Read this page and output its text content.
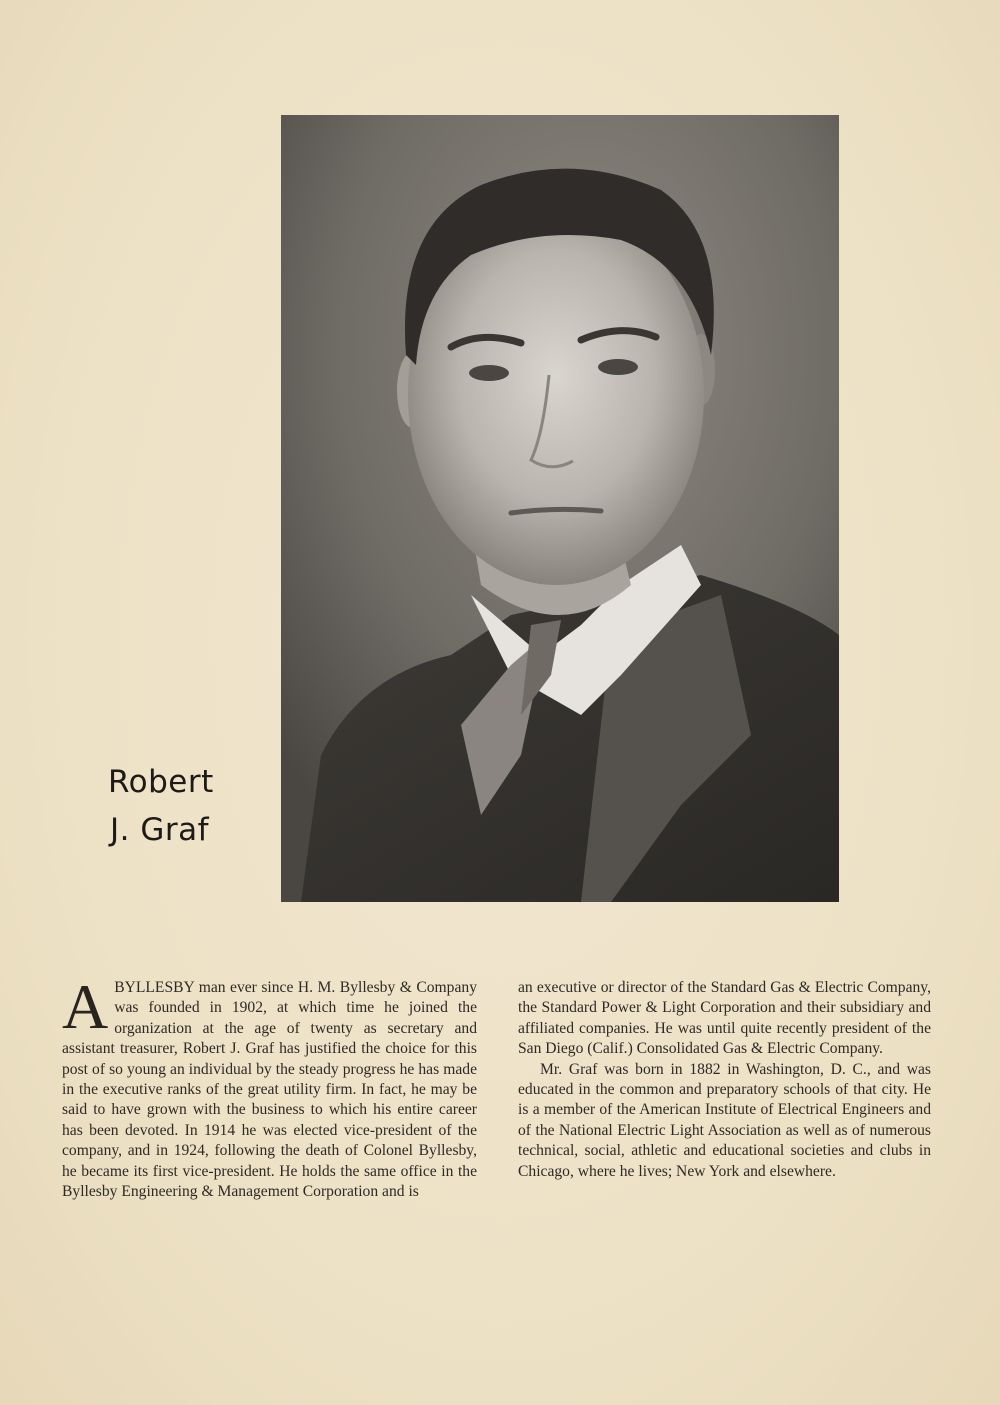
Robert
J. Graf

ABYLLESBY man ever since H. M. Byllesby & Company was founded in 1902, at which time he joined the organization at the age of twenty as secretary and assistant treasurer, Robert J. Graf has justified the choice for this post of so young an individual by the steady progress he has made in the executive ranks of the great utility firm. In fact, he may be said to have grown with the business to which his entire career has been devoted. In 1914 he was elected vice-president of the company, and in 1924, following the death of Colonel Byllesby, he became its first vice-president. He holds the same office in the Byllesby Engineering & Management Corporation and is

an executive or director of the Standard Gas & Electric Company, the Standard Power & Light Corporation and their subsidiary and affiliated companies. He was until quite recently president of the San Diego (Calif.) Consolidated Gas & Electric Company.

Mr. Graf was born in 1882 in Washington, D. C., and was educated in the common and preparatory schools of that city. He is a member of the American Institute of Electrical Engineers and of the National Electric Light Association as well as of numerous technical, social, athletic and educational societies and clubs in Chicago, where he lives; New York and elsewhere.
